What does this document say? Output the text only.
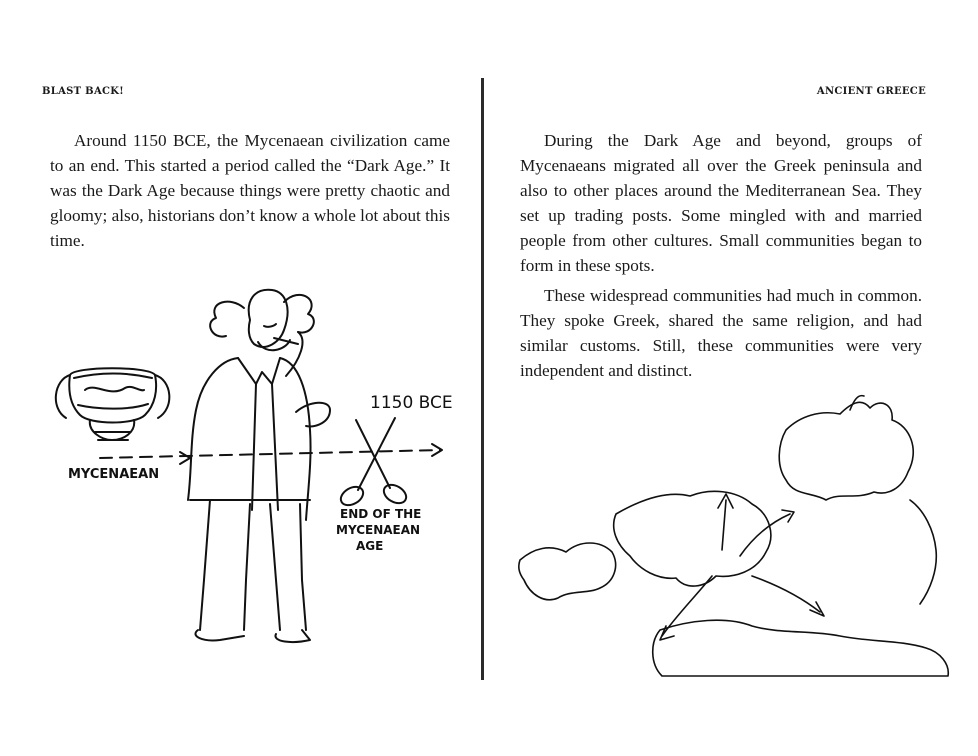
BLAST BACK!	ANCIENT GREECE

Around 1150 BCE, the Mycenaean civilization came to an end. This started a period called the “Dark Age.” It was the Dark Age because things were pretty chaotic and gloomy; also, historians don’t know a whole lot about this time.

During the Dark Age and beyond, groups of Mycenaeans migrated all over the Greek peninsula and also to other places around the Mediterranean Sea. They set up trading posts. Some mingled with and married people from other cultures. Small communities began to form in these spots.

These widespread communities had much in common. They spoke Greek, shared the same religion, and had similar customs. Still, these communities were very independent and distinct.

MYCENAEAN
1150 BCE
END OF THE
MYCENAEAN
AGE
